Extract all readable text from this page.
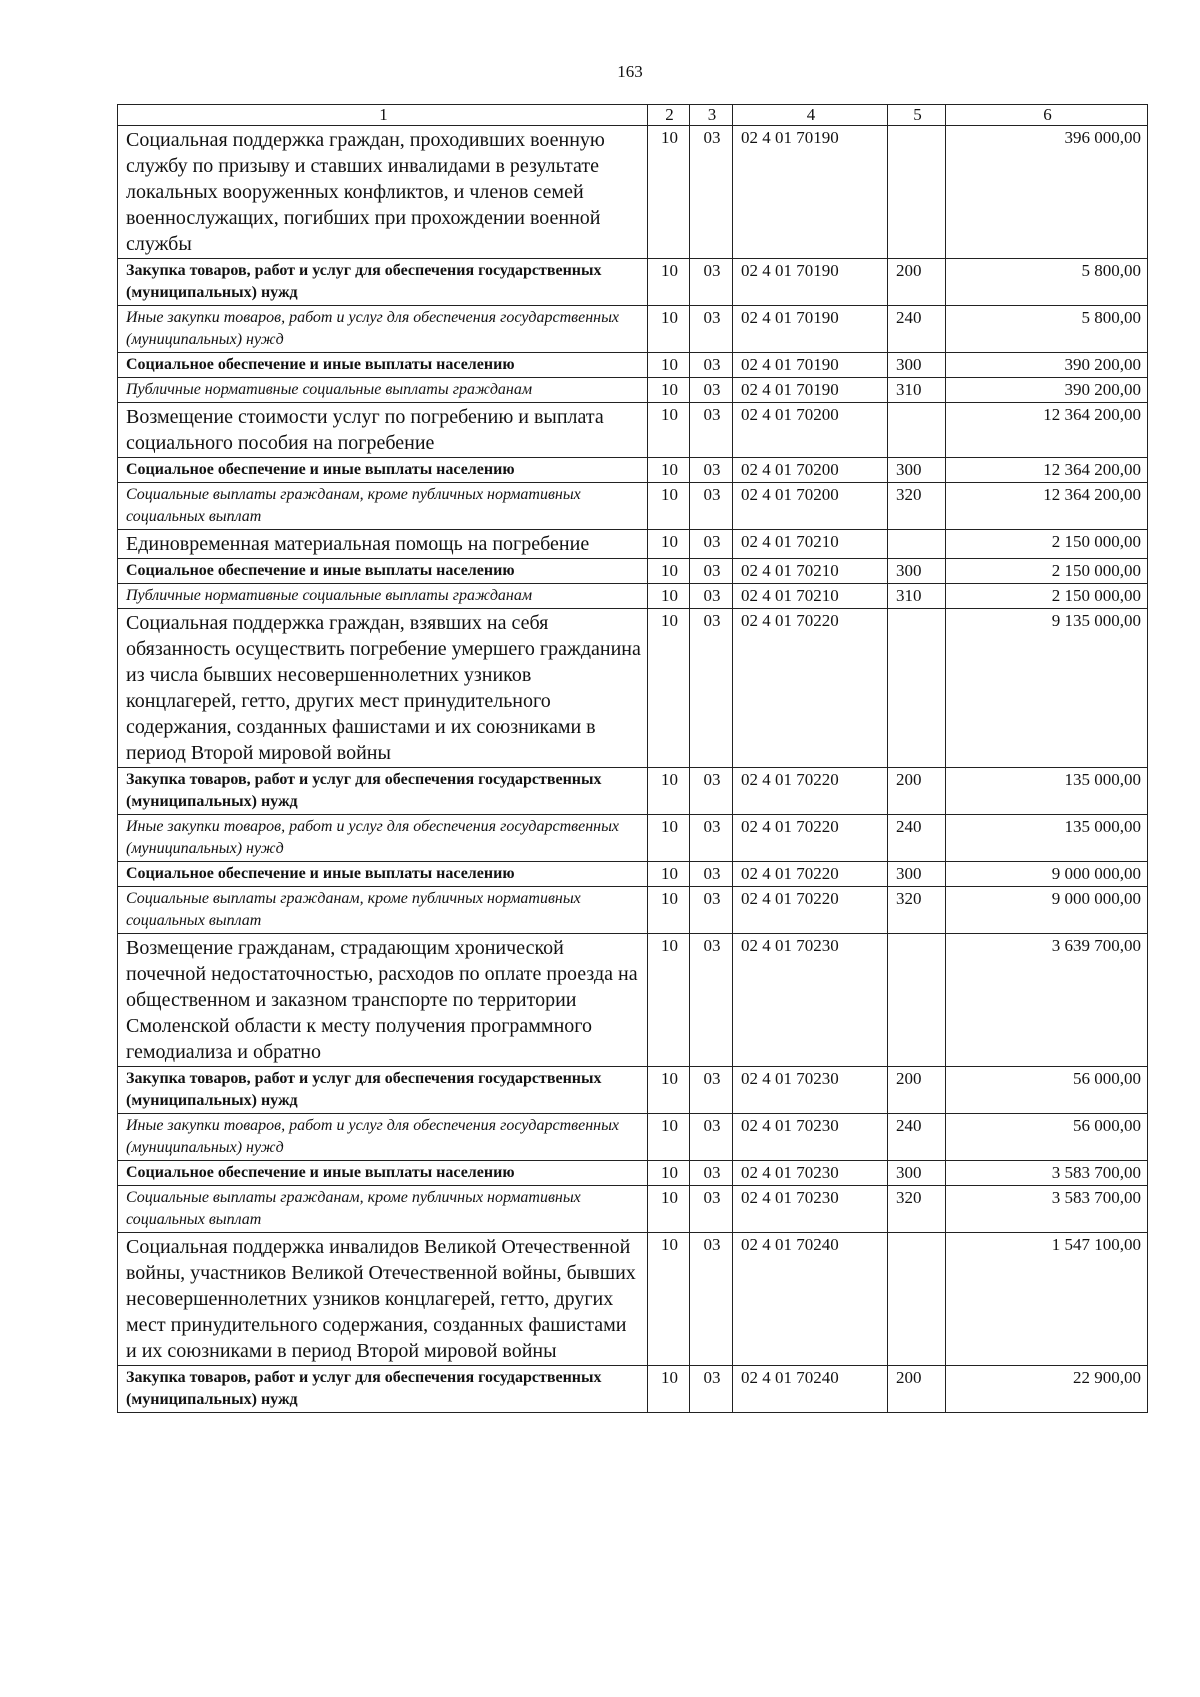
163
1	2	3	4	5	6
Социальная поддержка граждан, проходивших военную службу по призыву и ставших инвалидами в результате локальных вооруженных конфликтов, и членов семей военнослужащих, погибших при прохождении военной службы	10	03	02 4 01 70190		396 000,00
Закупка товаров, работ и услуг для обеспечения государственных (муниципальных) нужд	10	03	02 4 01 70190	200	5 800,00
Иные закупки товаров, работ и услуг для обеспечения государственных (муниципальных) нужд	10	03	02 4 01 70190	240	5 800,00
Социальное обеспечение и иные выплаты населению	10	03	02 4 01 70190	300	390 200,00
Публичные нормативные социальные выплаты гражданам	10	03	02 4 01 70190	310	390 200,00
Возмещение стоимости услуг по погребению и выплата социального пособия на погребение	10	03	02 4 01 70200		12 364 200,00
Социальное обеспечение и иные выплаты населению	10	03	02 4 01 70200	300	12 364 200,00
Социальные выплаты гражданам, кроме публичных нормативных социальных выплат	10	03	02 4 01 70200	320	12 364 200,00
Единовременная материальная помощь на погребение	10	03	02 4 01 70210		2 150 000,00
Социальное обеспечение и иные выплаты населению	10	03	02 4 01 70210	300	2 150 000,00
Публичные нормативные социальные выплаты гражданам	10	03	02 4 01 70210	310	2 150 000,00
Социальная поддержка граждан, взявших на себя обязанность осуществить погребение умершего гражданина из числа бывших несовершеннолетних узников концлагерей, гетто, других мест принудительного содержания, созданных фашистами и их союзниками в период Второй мировой войны	10	03	02 4 01 70220		9 135 000,00
Закупка товаров, работ и услуг для обеспечения государственных (муниципальных) нужд	10	03	02 4 01 70220	200	135 000,00
Иные закупки товаров, работ и услуг для обеспечения государственных (муниципальных) нужд	10	03	02 4 01 70220	240	135 000,00
Социальное обеспечение и иные выплаты населению	10	03	02 4 01 70220	300	9 000 000,00
Социальные выплаты гражданам, кроме публичных нормативных социальных выплат	10	03	02 4 01 70220	320	9 000 000,00
Возмещение гражданам, страдающим хронической почечной недостаточностью, расходов по оплате проезда на общественном и заказном транспорте по территории Смоленской области к месту получения программного гемодиализа и обратно	10	03	02 4 01 70230		3 639 700,00
Закупка товаров, работ и услуг для обеспечения государственных (муниципальных) нужд	10	03	02 4 01 70230	200	56 000,00
Иные закупки товаров, работ и услуг для обеспечения государственных (муниципальных) нужд	10	03	02 4 01 70230	240	56 000,00
Социальное обеспечение и иные выплаты населению	10	03	02 4 01 70230	300	3 583 700,00
Социальные выплаты гражданам, кроме публичных нормативных социальных выплат	10	03	02 4 01 70230	320	3 583 700,00
Социальная поддержка инвалидов Великой Отечественной войны, участников Великой Отечественной войны, бывших несовершеннолетних узников концлагерей, гетто, других мест принудительного содержания, созданных фашистами и их союзниками в период Второй мировой войны	10	03	02 4 01 70240		1 547 100,00
Закупка товаров, работ и услуг для обеспечения государственных (муниципальных) нужд	10	03	02 4 01 70240	200	22 900,00
